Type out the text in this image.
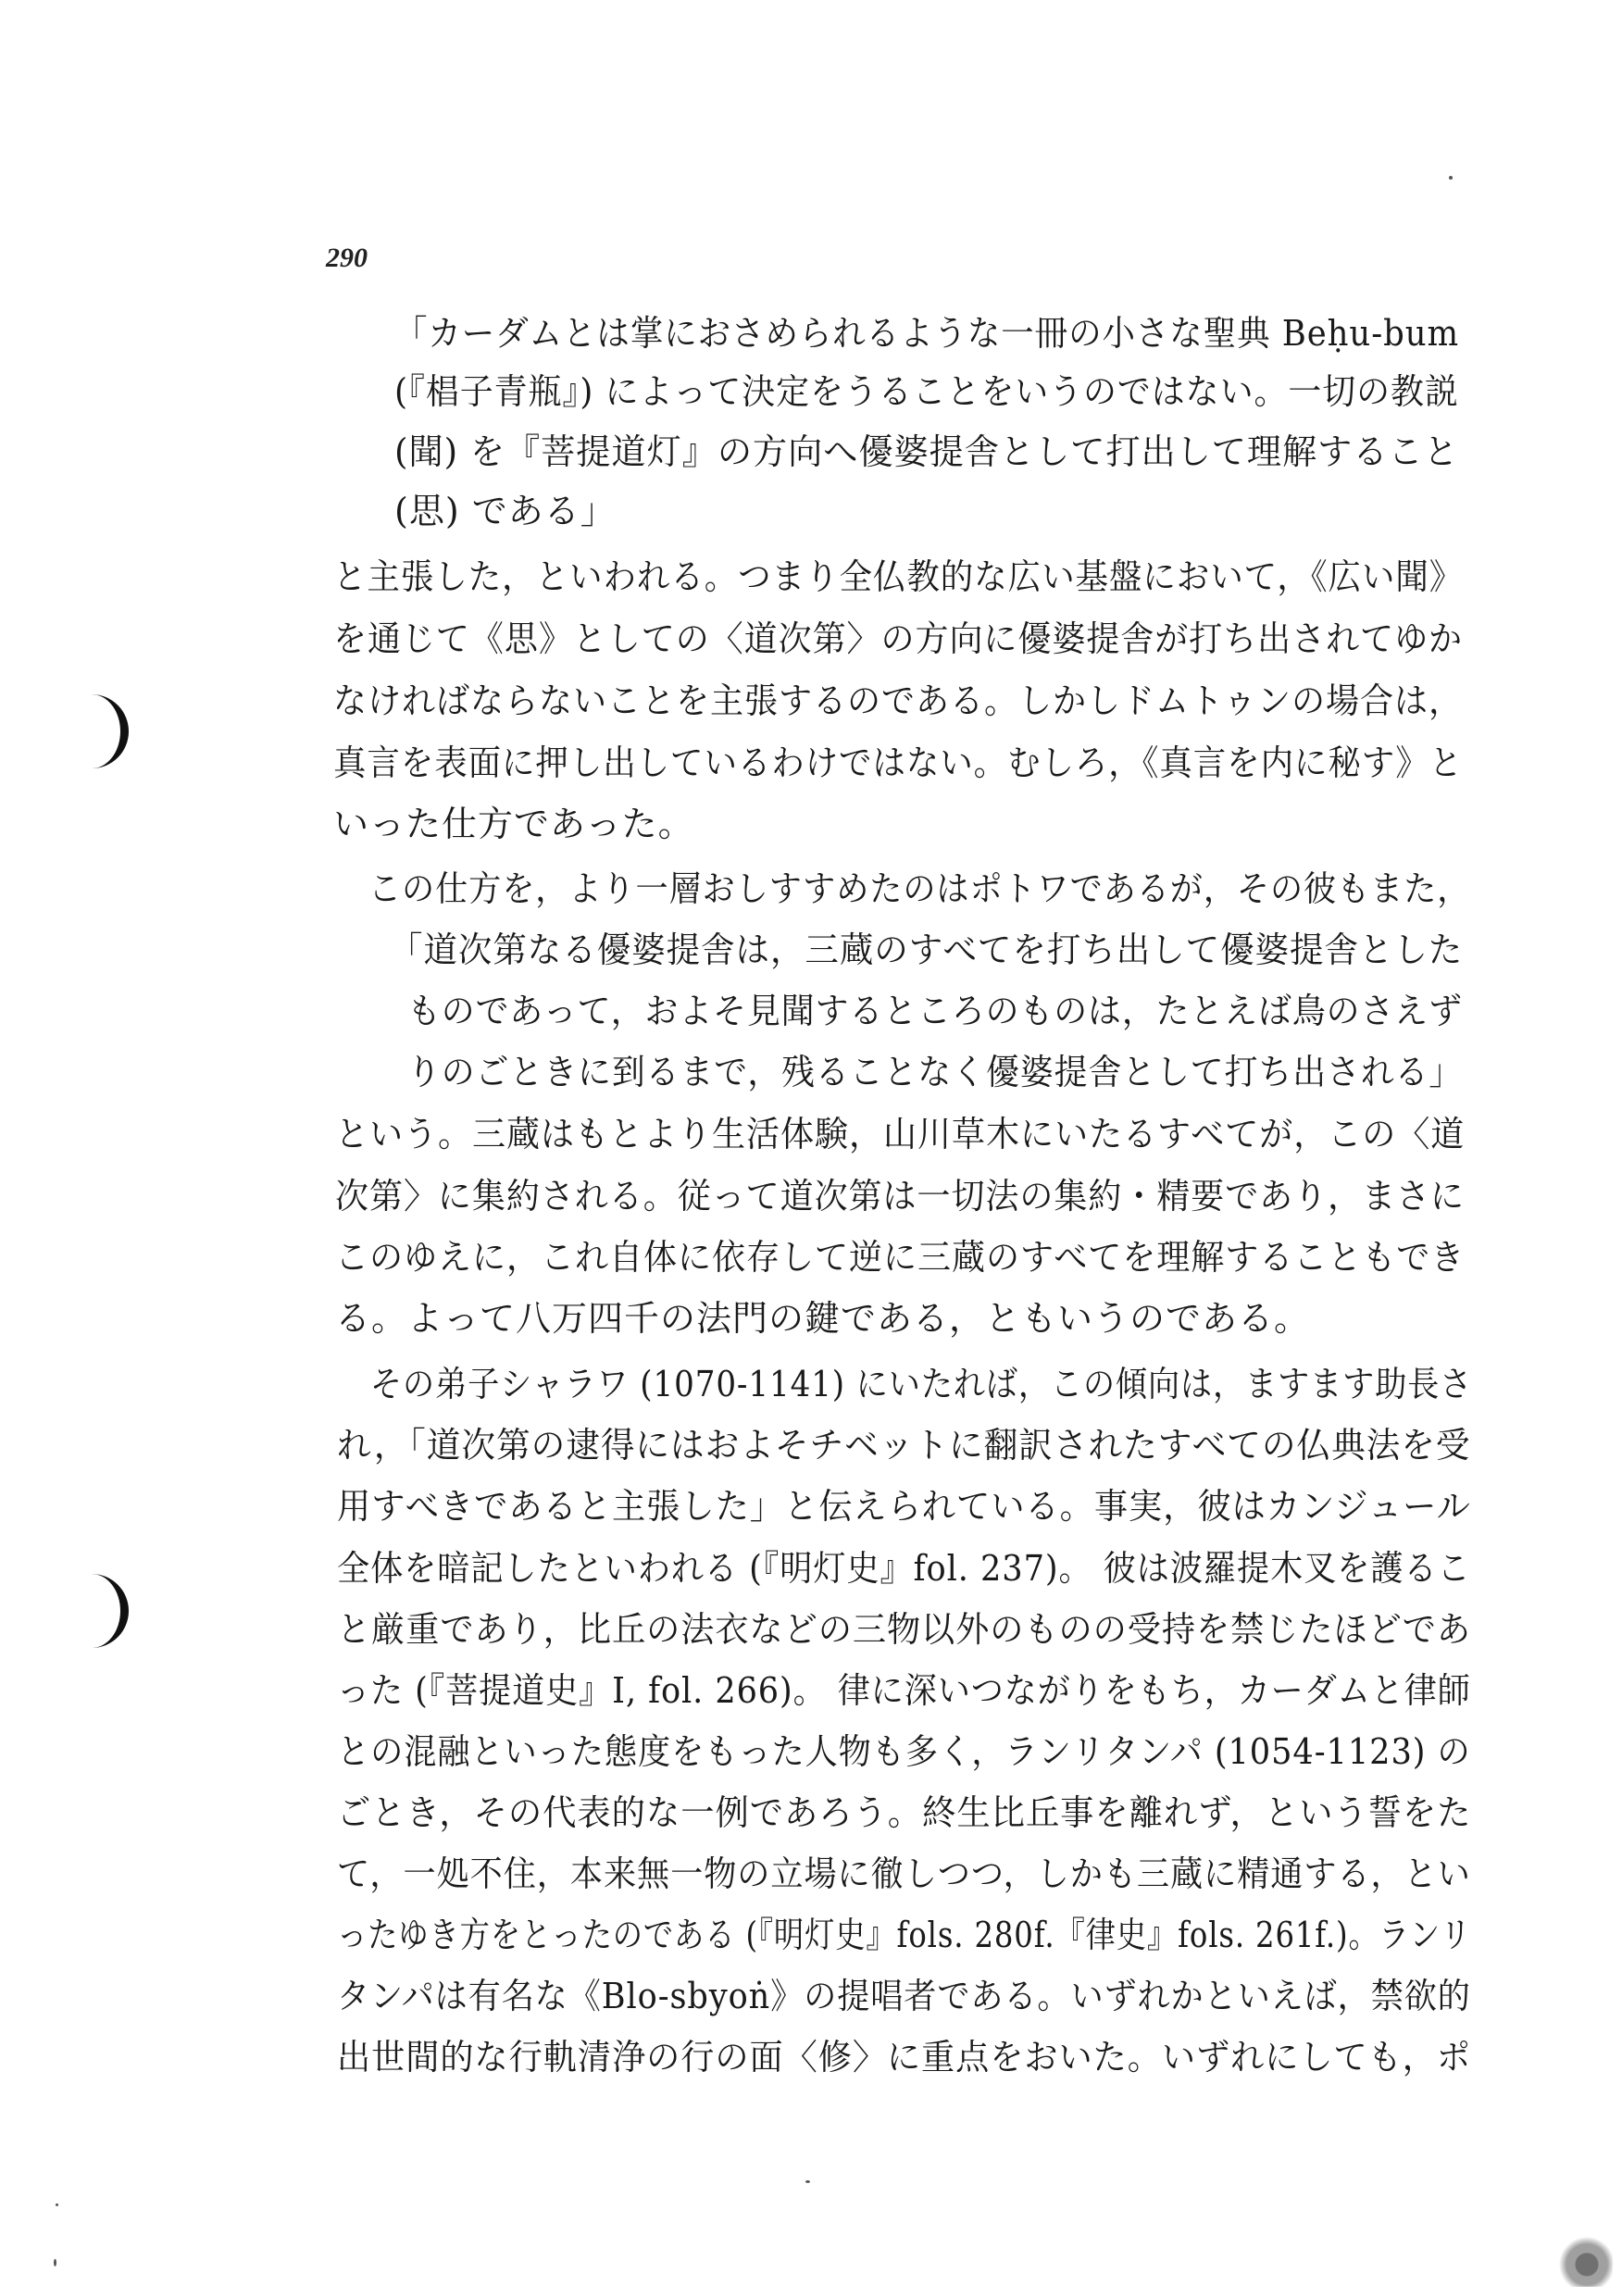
290
「カーダムとは掌におさめられるような一冊の小さな聖典 Beḥu-bum
(『椙子青瓶』) によって決定をうることをいうのではない。一切の教説
(聞) を『菩提道灯』の方向へ優婆提舎として打出して理解すること
(思) である」
と主張した，といわれる。つまり全仏教的な広い基盤において，《広い聞》
を通じて《思》としての〈道次第〉の方向に優婆提舎が打ち出されてゆか
なければならないことを主張するのである。しかしドムトゥンの場合は，
真言を表面に押し出しているわけではない。むしろ，《真言を内に秘す》と
いった仕方であった。
この仕方を，より一層おしすすめたのはポトワであるが，その彼もまた，
「道次第なる優婆提舎は，三蔵のすべてを打ち出して優婆提舎とした
ものであって，およそ見聞するところのものは，たとえば鳥のさえず
りのごときに到るまで，残ることなく優婆提舎として打ち出される」
という。三蔵はもとより生活体験，山川草木にいたるすべてが，この〈道
次第〉に集約される。従って道次第は一切法の集約・精要であり，まさに
このゆえに，これ自体に依存して逆に三蔵のすべてを理解することもでき
る。よって八万四千の法門の鍵である，ともいうのである。
その弟子シャラワ (1070-1141) にいたれば，この傾向は，ますます助長さ
れ，「道次第の逮得にはおよそチベットに翻訳されたすべての仏典法を受
用すべきであると主張した」と伝えられている。事実，彼はカンジュール
全体を暗記したといわれる (『明灯史』fol. 237)。 彼は波羅提木叉を護るこ
と厳重であり，比丘の法衣などの三物以外のものの受持を禁じたほどであ
った (『菩提道史』I, fol. 266)。 律に深いつながりをもち，カーダムと律師
との混融といった態度をもった人物も多く，ランリタンパ (1054-1123) の
ごとき，その代表的な一例であろう。終生比丘事を離れず，という誓をた
て，一処不住，本来無一物の立場に徹しつつ，しかも三蔵に精通する，とい
ったゆき方をとったのである (『明灯史』fols. 280f.『律史』fols. 261f.)。ランリ
タンパは有名な《Blo-sbyoṅ》の提唱者である。いずれかといえば，禁欲的
出世間的な行軌清浄の行の面〈修〉に重点をおいた。いずれにしても，ポ
